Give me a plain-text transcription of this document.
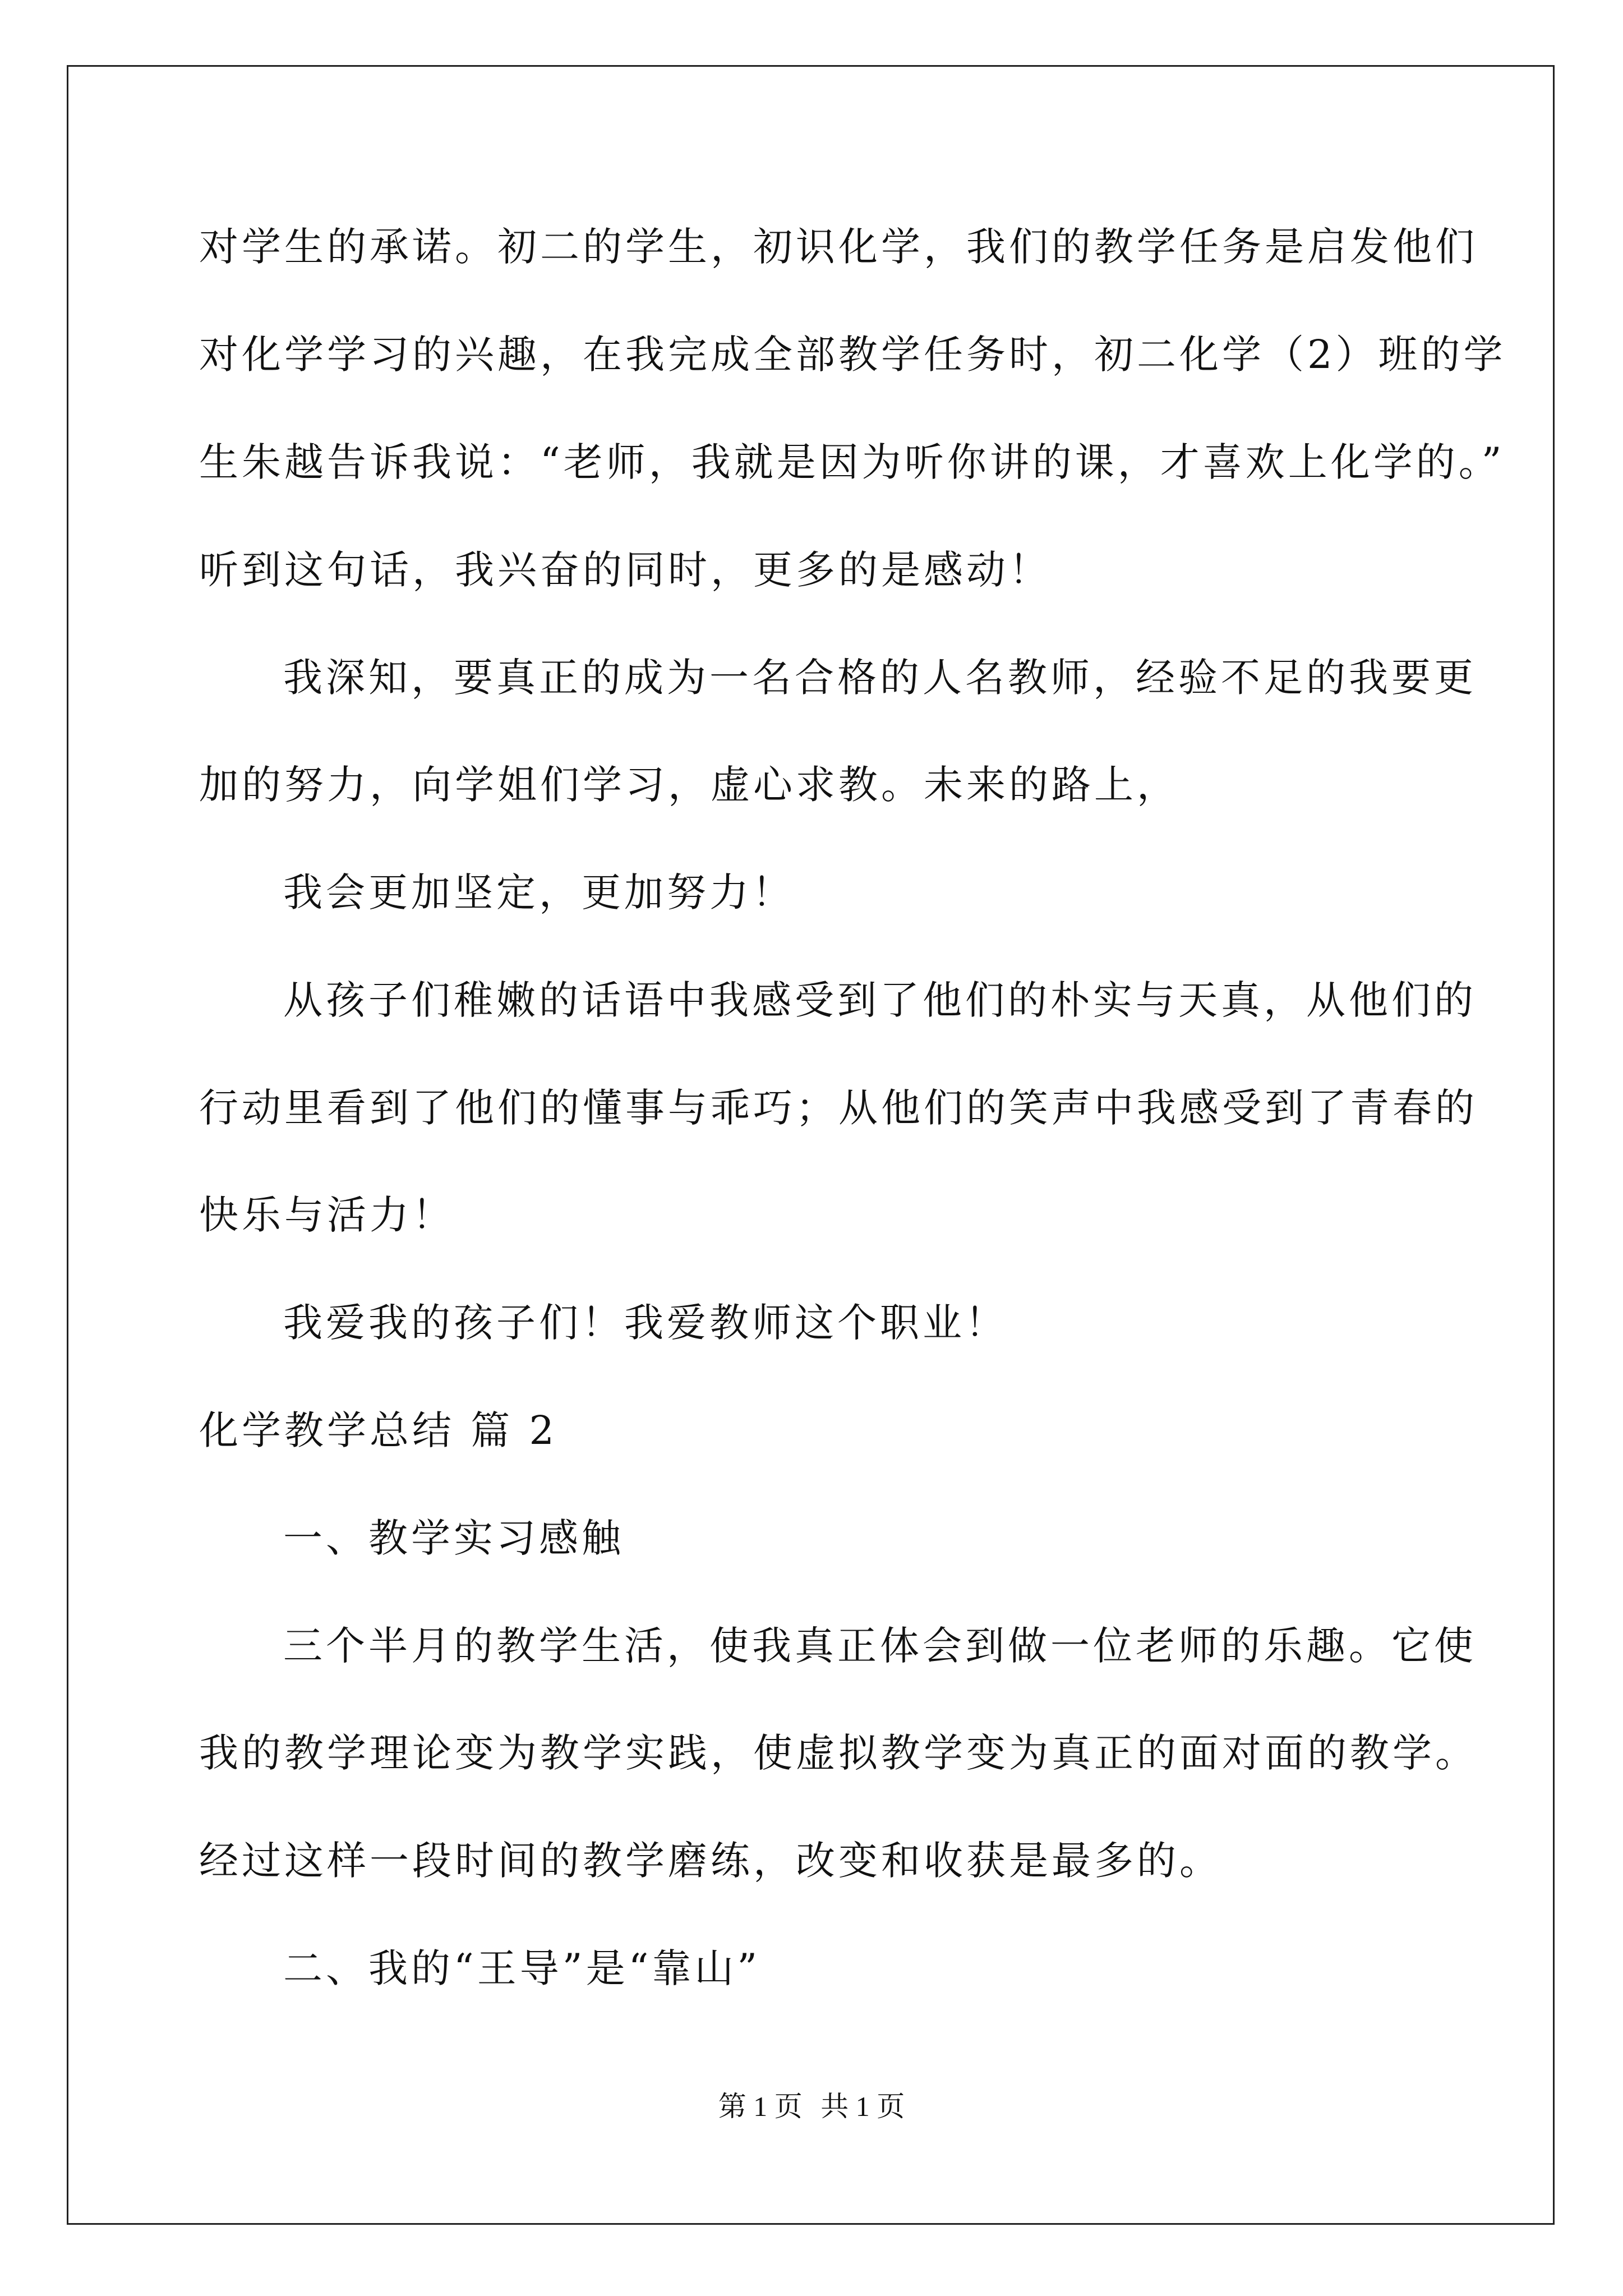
对学生的承诺。初二的学生，初识化学，我们的教学任务是启发他们
对化学学习的兴趣，在我完成全部教学任务时，初二化学（2）班的学
生朱越告诉我说：“老师，我就是因为听你讲的课，才喜欢上化学的。”
听到这句话，我兴奋的同时，更多的是感动！
我深知，要真正的成为一名合格的人名教师，经验不足的我要更
加的努力，向学姐们学习，虚心求教。未来的路上，
我会更加坚定，更加努力！
从孩子们稚嫩的话语中我感受到了他们的朴实与天真，从他们的
行动里看到了他们的懂事与乖巧；从他们的笑声中我感受到了青春的
快乐与活力！
我爱我的孩子们！我爱教师这个职业！
化学教学总结 篇 2
一、教学实习感触
三个半月的教学生活，使我真正体会到做一位老师的乐趣。它使
我的教学理论变为教学实践，使虚拟教学变为真正的面对面的教学。
经过这样一段时间的教学磨练，改变和收获是最多的。
二、我的“王导”是“靠山”
第 1 页 共 1 页
